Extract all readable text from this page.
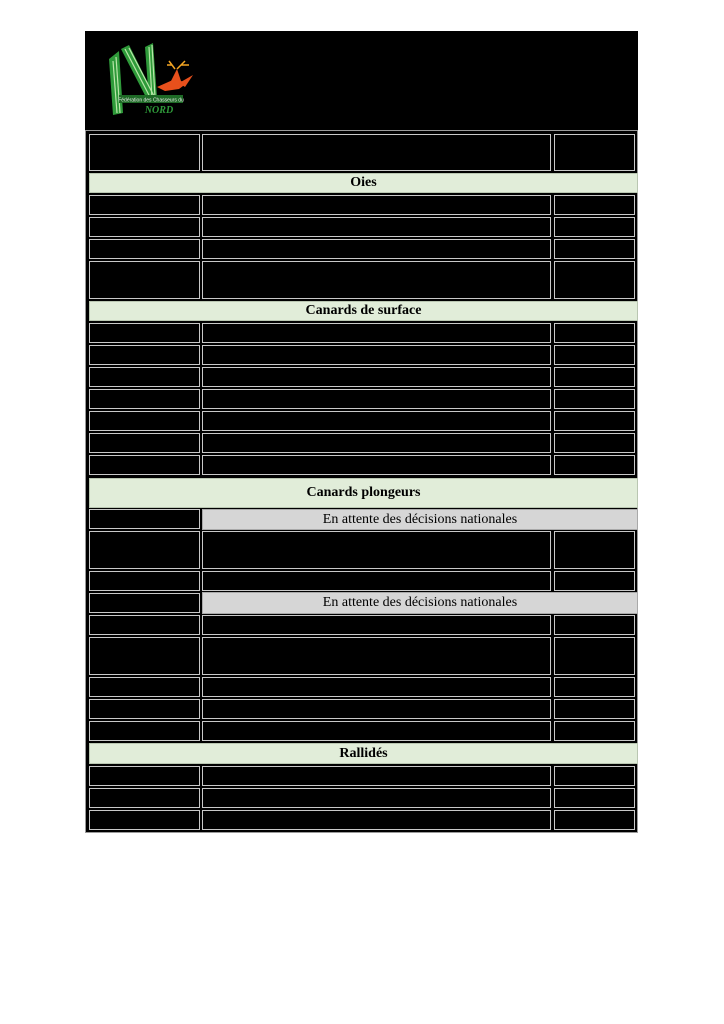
Fédération des Chasseurs du
NORD
Oies
Canards de surface
Canards plongeurs
En attente des décisions nationales
En attente des décisions nationales
Rallidés
